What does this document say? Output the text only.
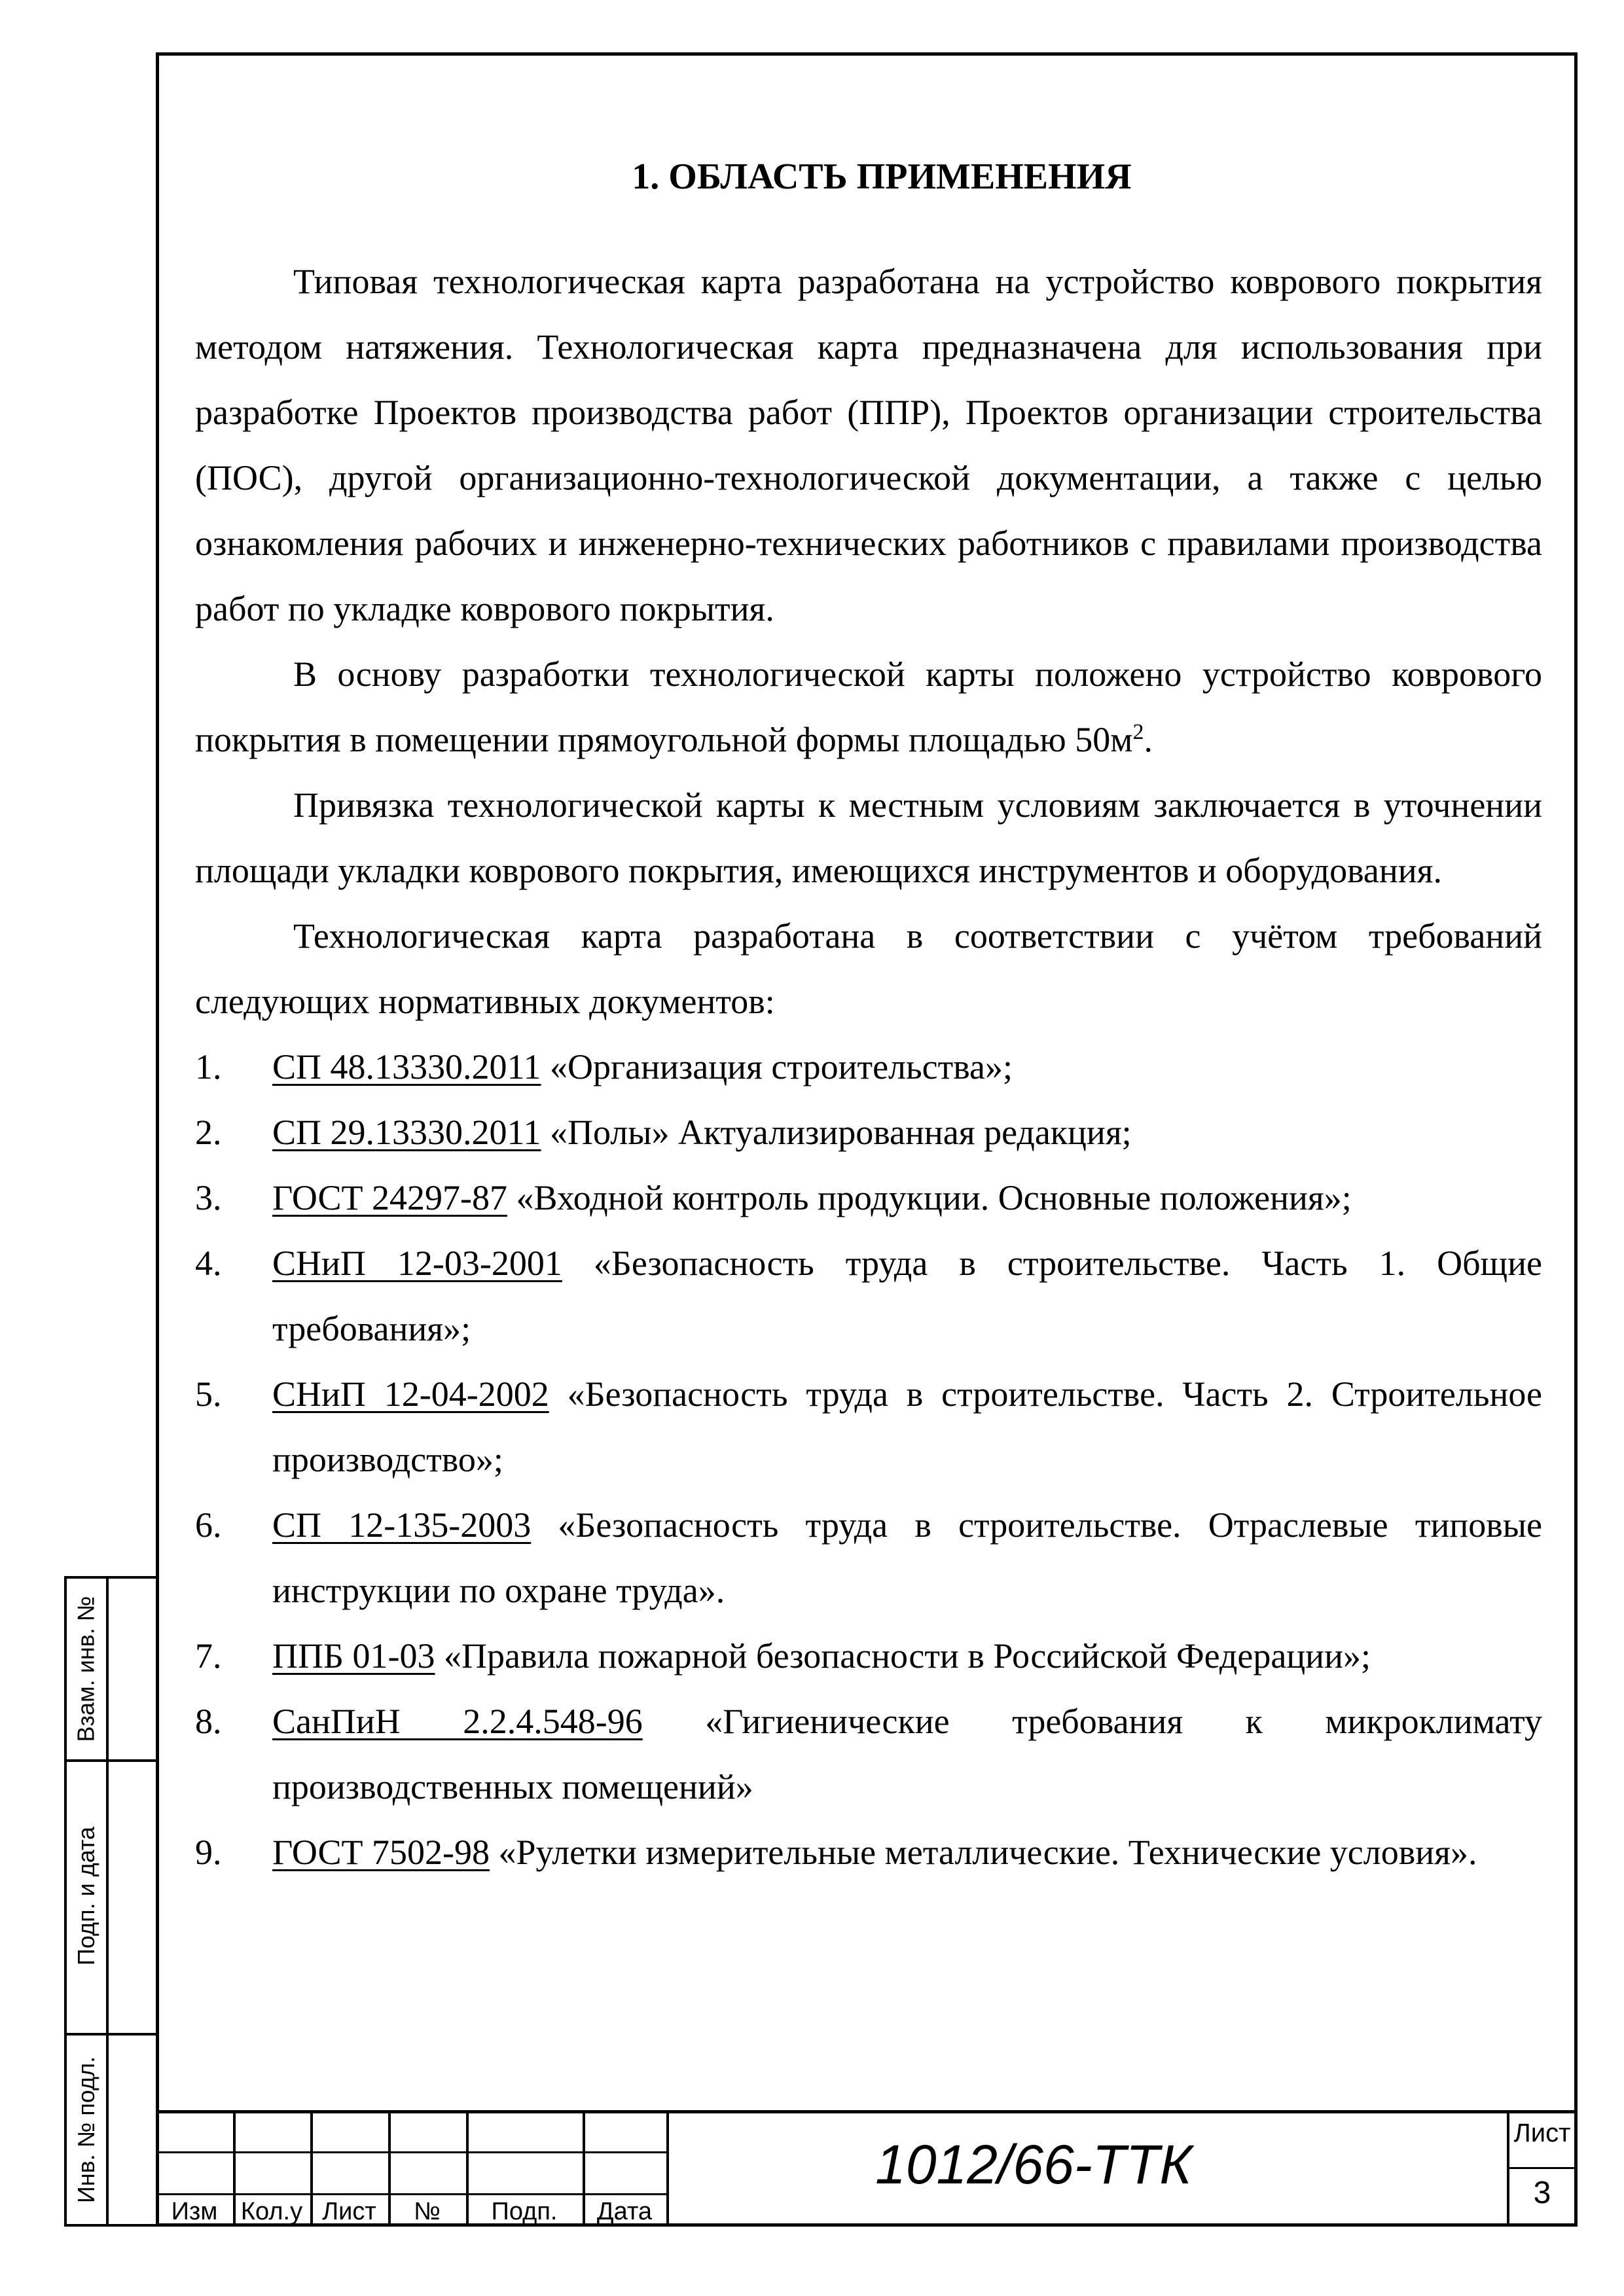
1. ОБЛАСТЬ ПРИМЕНЕНИЯ

Типовая технологическая карта разработана на устройство коврового покрытия методом натяжения. Технологическая карта предназначена для использования при разработке Проектов производства работ (ППР), Проектов организации строительства (ПОС), другой организационно-технологической документации, а также с целью ознакомления рабочих и инженерно-технических работников с правилами производства работ по укладке коврового покрытия.

В основу разработки технологической карты положено устройство коврового покрытия в помещении прямоугольной формы площадью $50м^2$.

Привязка технологической карты к местным условиям заключается в уточнении площади укладки коврового покрытия, имеющихся инструментов и оборудования.

Технологическая карта разработана в соответствии с учётом требований следующих нормативных документов:

1. СП 48.13330.2011 «Организация строительства»;
2. СП 29.13330.2011 «Полы» Актуализированная редакция;
3. ГОСТ 24297-87 «Входной контроль продукции. Основные положения»;
4. СНиП 12-03-2001 «Безопасность труда в строительстве. Часть 1. Общие требования»;
5. СНиП 12-04-2002 «Безопасность труда в строительстве. Часть 2. Строительное производство»;
6. СП 12-135-2003 «Безопасность труда в строительстве. Отраслевые типовые инструкции по охране труда».
7. ППБ 01-03 «Правила пожарной безопасности в Российской Федерации»;
8. СанПиН 2.2.4.548-96 «Гигиенические требования к микроклимату производственных помещений»
9. ГОСТ 7502-98 «Рулетки измерительные металлические. Технические условия».
Взам. инв. №
Подп. и дата
Инв. № подл.
Изм Кол.у Лист	№	Подп.	Дата
1012/66-ТТК
Лист
3
